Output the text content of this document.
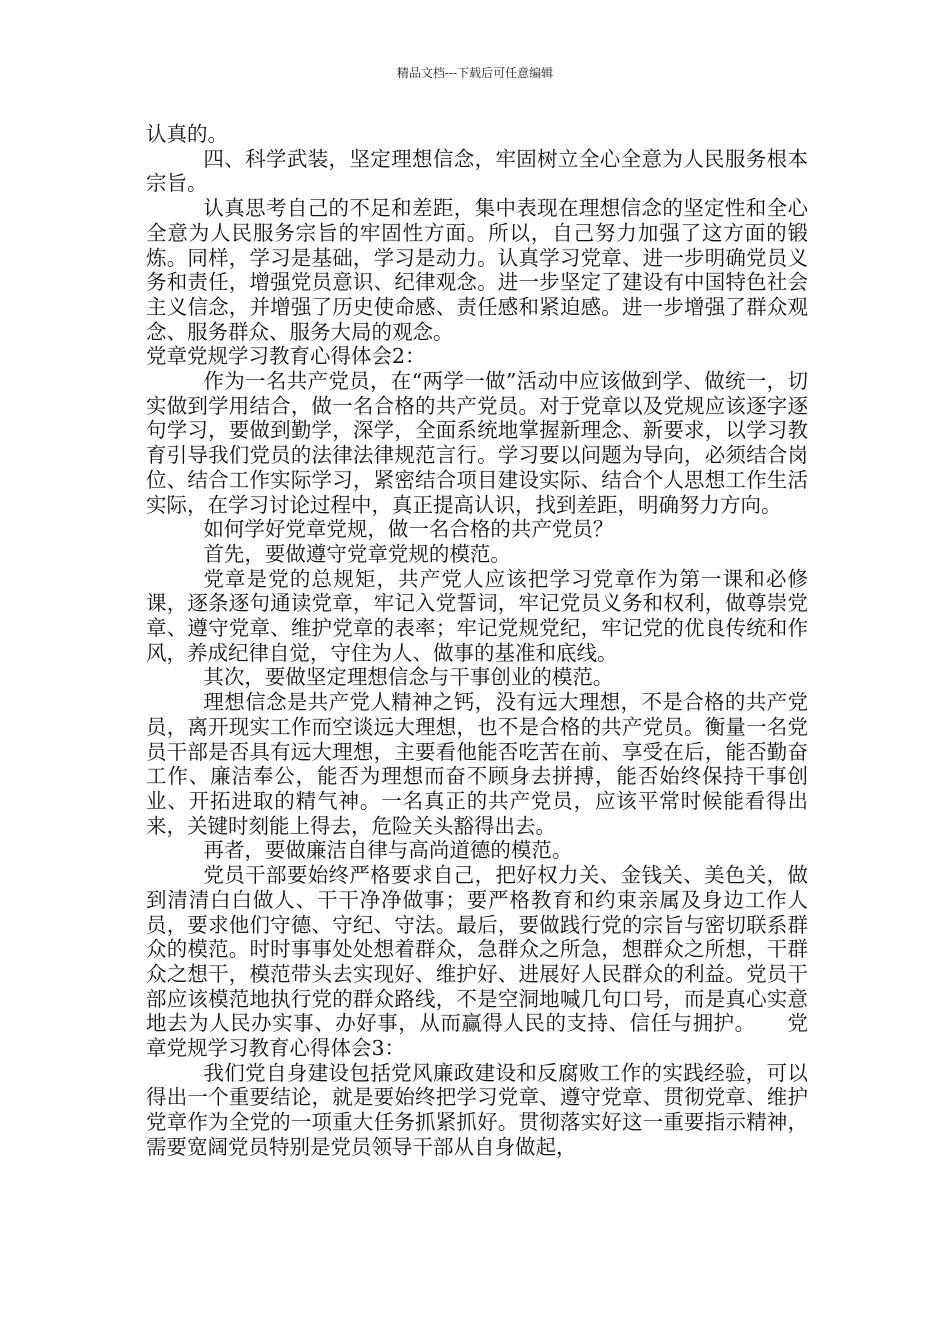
精品文档---下载后可任意编辑

认真的。

四、科学武装，坚定理想信念，牢固树立全心全意为人民服务根本宗旨。

认真思考自己的不足和差距，集中表现在理想信念的坚定性和全心全意为人民服务宗旨的牢固性方面。所以，自己努力加强了这方面的锻炼。同样，学习是基础，学习是动力。认真学习党章、进一步明确党员义务和责任，增强党员意识、纪律观念。进一步坚定了建设有中国特色社会主义信念，并增强了历史使命感、责任感和紧迫感。进一步增强了群众观念、服务群众、服务大局的观念。

党章党规学习教育心得体会2：

作为一名共产党员，在“两学一做”活动中应该做到学、做统一，切实做到学用结合，做一名合格的共产党员。对于党章以及党规应该逐字逐句学习，要做到勤学，深学，全面系统地掌握新理念、新要求，以学习教育引导我们党员的法律法律规范言行。学习要以问题为导向，必须结合岗位、结合工作实际学习，紧密结合项目建设实际、结合个人思想工作生活实际，在学习讨论过程中，真正提高认识，找到差距，明确努力方向。

如何学好党章党规，做一名合格的共产党员？

首先，要做遵守党章党规的模范。

党章是党的总规矩，共产党人应该把学习党章作为第一课和必修课，逐条逐句通读党章，牢记入党誓词，牢记党员义务和权利，做尊崇党章、遵守党章、维护党章的表率；牢记党规党纪，牢记党的优良传统和作风，养成纪律自觉，守住为人、做事的基准和底线。

其次，要做坚定理想信念与干事创业的模范。

理想信念是共产党人精神之钙，没有远大理想，不是合格的共产党员，离开现实工作而空谈远大理想，也不是合格的共产党员。衡量一名党员干部是否具有远大理想，主要看他能否吃苦在前、享受在后，能否勤奋工作、廉洁奉公，能否为理想而奋不顾身去拼搏，能否始终保持干事创业、开拓进取的精气神。一名真正的共产党员，应该平常时候能看得出来，关键时刻能上得去，危险关头豁得出去。

再者，要做廉洁自律与高尚道德的模范。

党员干部要始终严格要求自己，把好权力关、金钱关、美色关，做到清清白白做人、干干净净做事；要严格教育和约束亲属及身边工作人员，要求他们守德、守纪、守法。最后，要做践行党的宗旨与密切联系群众的模范。时时事事处处想着群众，急群众之所急，想群众之所想，干群众之想干，模范带头去实现好、维护好、进展好人民群众的利益。党员干部应该模范地执行党的群众路线，不是空洞地喊几句口号，而是真心实意地去为人民办实事、办好事，从而赢得人民的支持、信任与拥护。　　党章党规学习教育心得体会3：

我们党自身建设包括党风廉政建设和反腐败工作的实践经验，可以得出一个重要结论，就是要始终把学习党章、遵守党章、贯彻党章、维护党章作为全党的一项重大任务抓紧抓好。贯彻落实好这一重要指示精神，需要宽阔党员特别是党员领导干部从自身做起，
